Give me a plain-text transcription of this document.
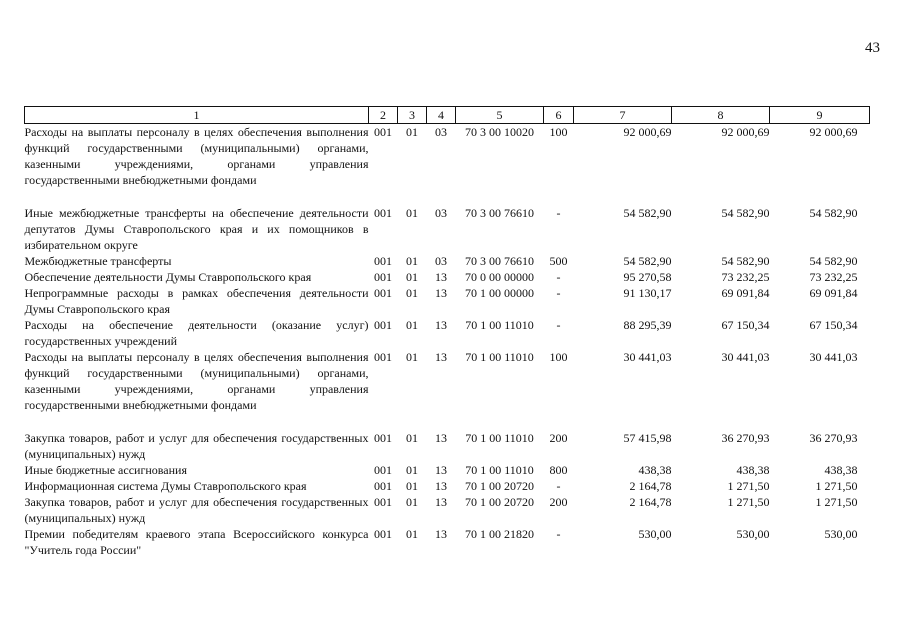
43
1	2	3	4	5	6	7	8	9
Расходы на выплаты персоналу в целях обеспечения выполнения функций государственными (муниципальными) органами, казенными учреждениями, органами управления государственными внебюджетными фондами	001	01	03	70 3 00 10020	100	92 000,69	92 000,69	92 000,69
Иные межбюджетные трансферты на обеспечение деятельности депутатов Думы Ставропольского края и их помощников в избирательном округе	001	01	03	70 3 00 76610	-	54 582,90	54 582,90	54 582,90
Межбюджетные трансферты	001	01	03	70 3 00 76610	500	54 582,90	54 582,90	54 582,90
Обеспечение деятельности Думы Ставропольского края	001	01	13	70 0 00 00000	-	95 270,58	73 232,25	73 232,25
Непрограммные расходы в рамках обеспечения деятельности Думы Ставропольского края	001	01	13	70 1 00 00000	-	91 130,17	69 091,84	69 091,84
Расходы на обеспечение деятельности (оказание услуг) государственных учреждений	001	01	13	70 1 00 11010	-	88 295,39	67 150,34	67 150,34
Расходы на выплаты персоналу в целях обеспечения выполнения функций государственными (муниципальными) органами, казенными учреждениями, органами управления государственными внебюджетными фондами	001	01	13	70 1 00 11010	100	30 441,03	30 441,03	30 441,03
Закупка товаров, работ и услуг для обеспечения государственных (муниципальных) нужд	001	01	13	70 1 00 11010	200	57 415,98	36 270,93	36 270,93
Иные бюджетные ассигнования	001	01	13	70 1 00 11010	800	438,38	438,38	438,38
Информационная система Думы Ставропольского края	001	01	13	70 1 00 20720	-	2 164,78	1 271,50	1 271,50
Закупка товаров, работ и услуг для обеспечения государственных (муниципальных) нужд	001	01	13	70 1 00 20720	200	2 164,78	1 271,50	1 271,50
Премии победителям краевого этапа Всероссийского конкурса "Учитель года России"	001	01	13	70 1 00 21820	-	530,00	530,00	530,00
